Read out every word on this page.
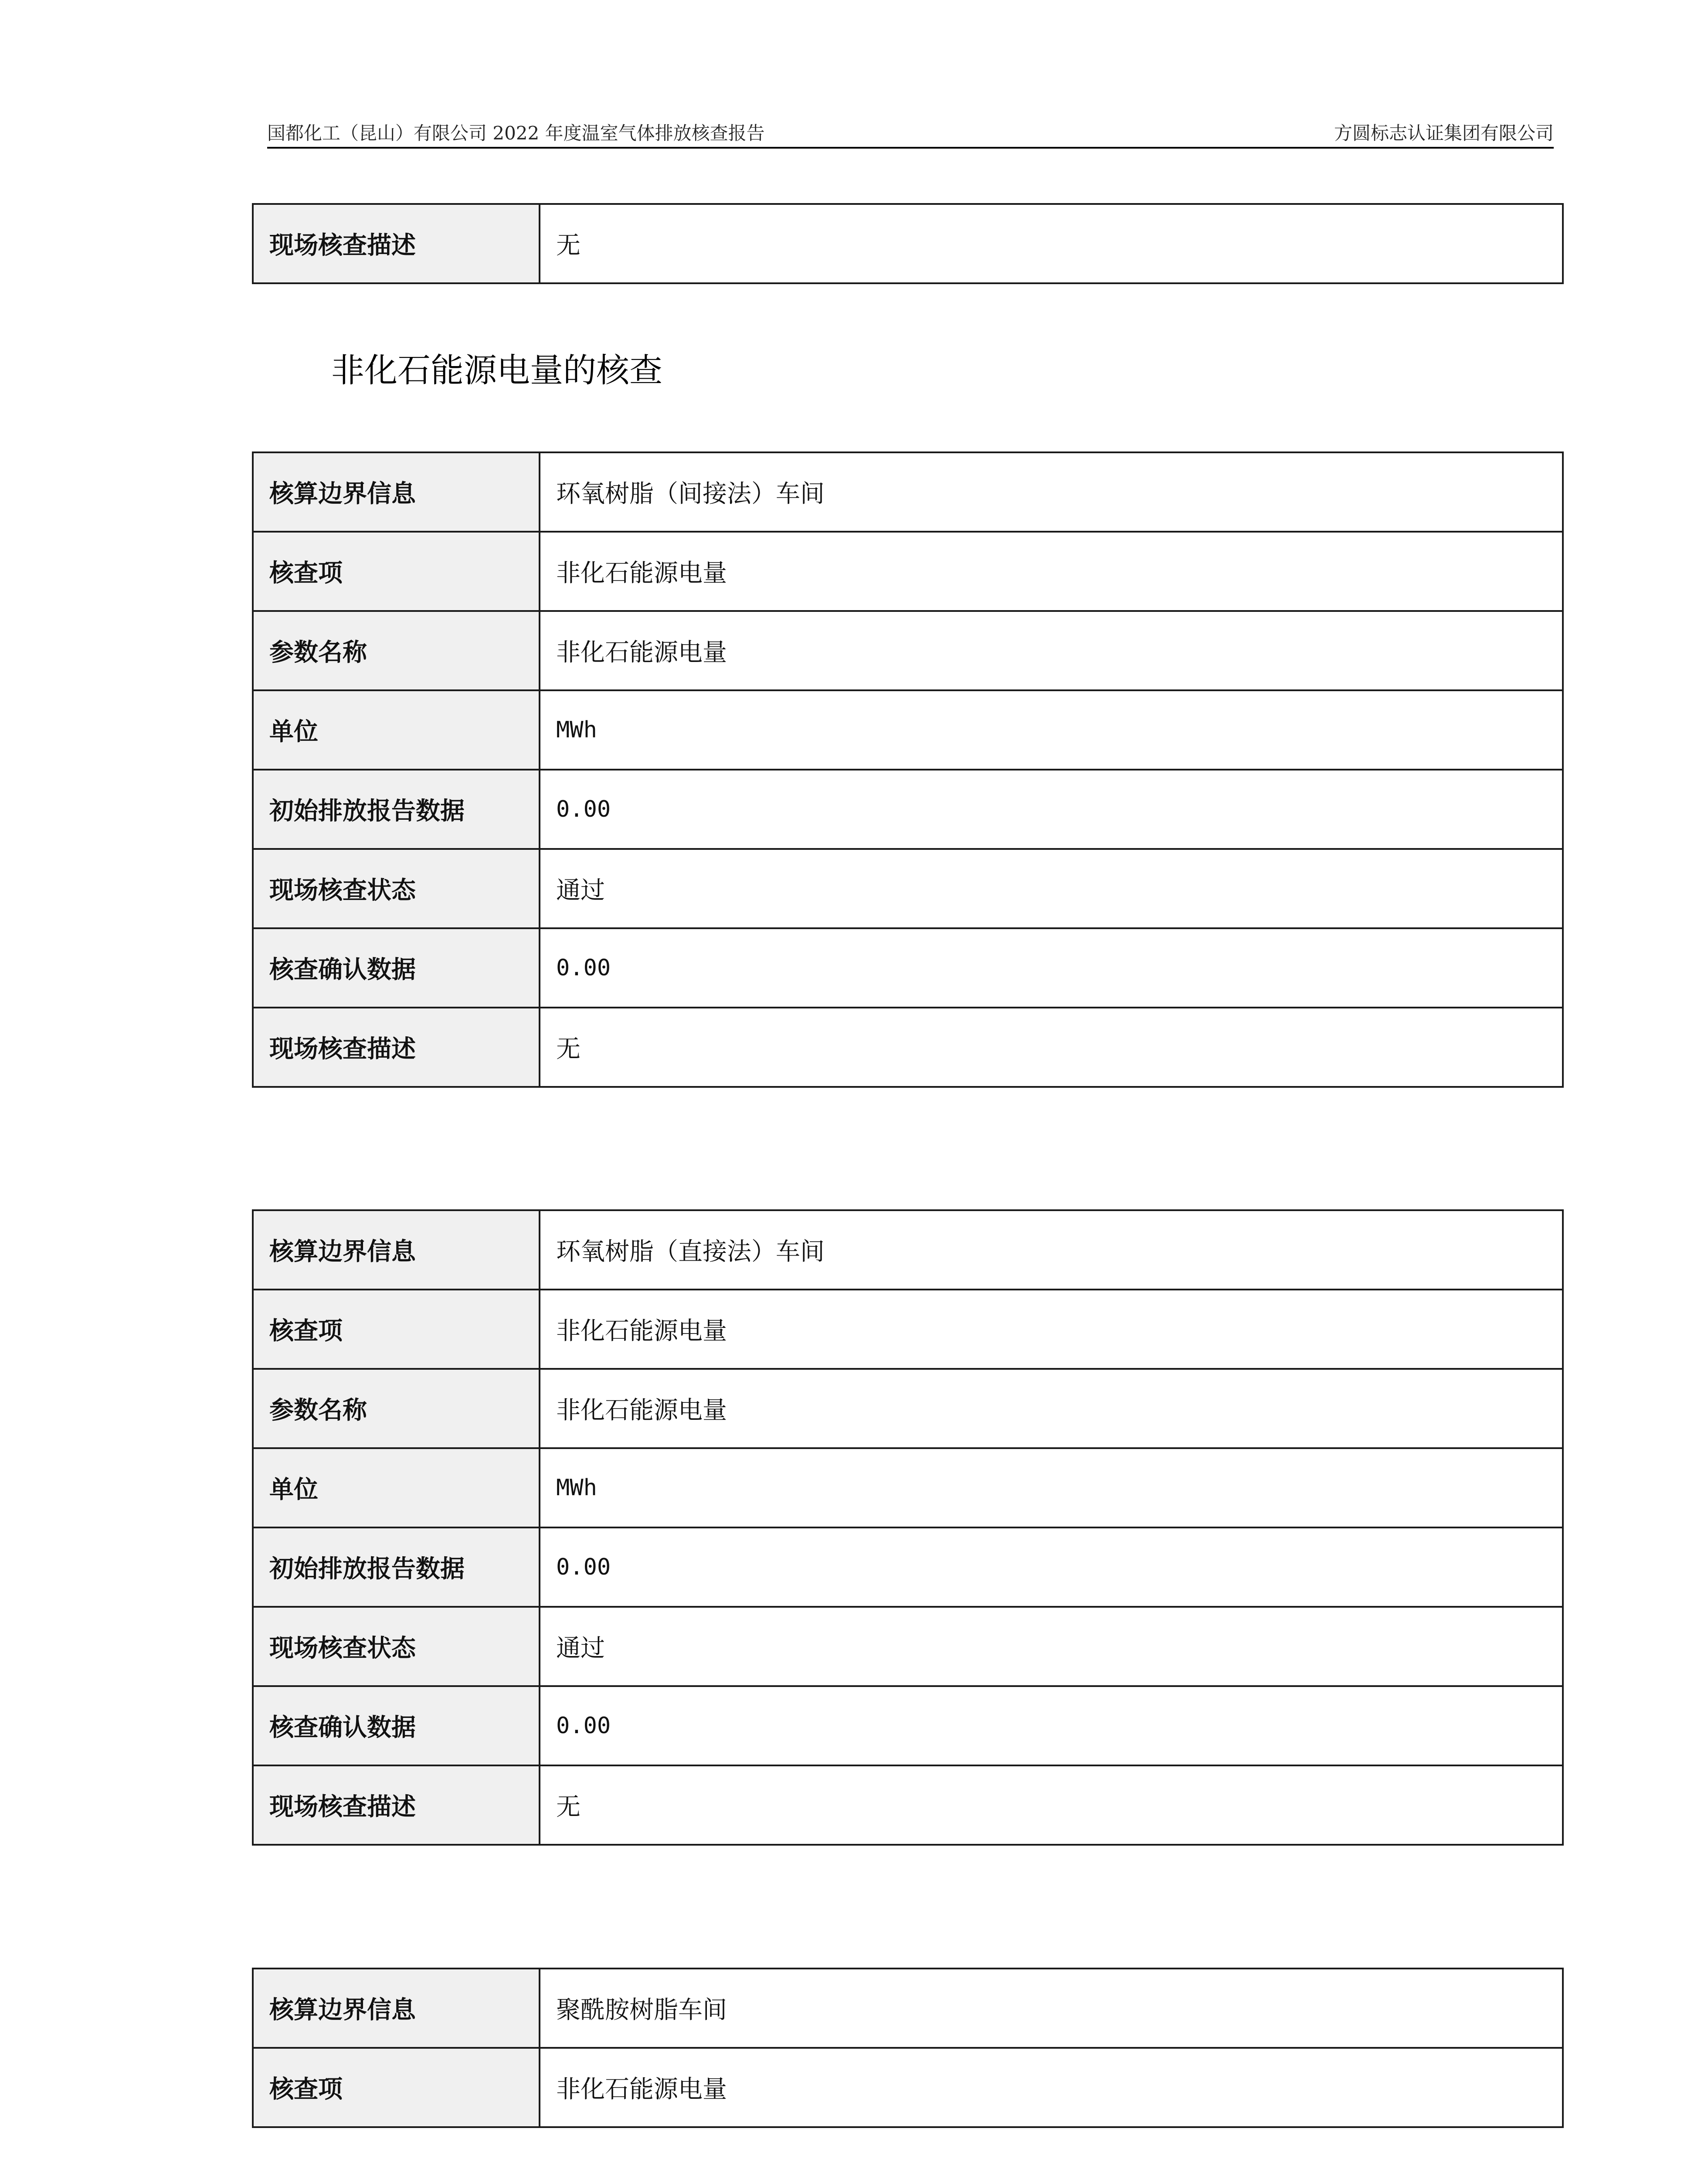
国都化工（昆山）有限公司 2022 年度温室气体排放核查报告	方圆标志认证集团有限公司
现场核查描述	无
非化石能源电量的核查
核算边界信息	环氧树脂（间接法）车间
核查项	非化石能源电量
参数名称	非化石能源电量
单位	MWh
初始排放报告数据	0.00
现场核查状态	通过
核查确认数据	0.00
现场核查描述	无
核算边界信息	环氧树脂（直接法）车间
核查项	非化石能源电量
参数名称	非化石能源电量
单位	MWh
初始排放报告数据	0.00
现场核查状态	通过
核查确认数据	0.00
现场核查描述	无
核算边界信息	聚酰胺树脂车间
核查项	非化石能源电量
